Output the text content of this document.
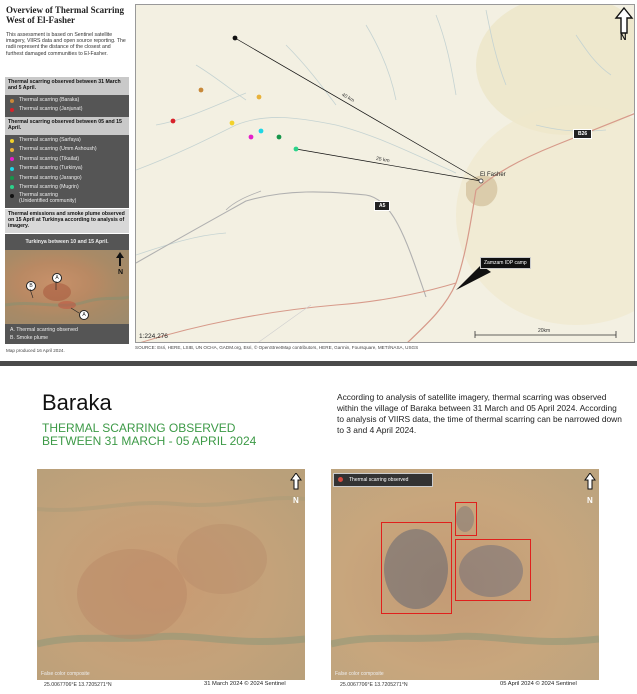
Overview of Thermal Scarring
West of El-Fasher
This assessment is based on Sentinel satellite imagery, VIIRS data and open source reporting. The radii represent the distance of the closest and furthest damaged communities to El-Fasher.
Thermal scarring observed between 31 March and 5 April.
Thermal scarring (Baraka)
Thermal scarring (Janjunat)
Thermal scarring observed between 05 and 15 April.
Thermal scarring (Sarfaya)
Thermal scarring (Umm Ashoush)
Thermal scarring (Tikailat)
Thermal scarring (Turkinya)
Thermal scarring (Jarango)
Thermal scarring (Mugrin)
Thermal scarring
(Unidentified community)
Thermal emissions and smoke plume observed on 15 April at Turkinya according to analysis of imagery.
Turkinya between 10 and 15 April.
N
A
B
A
A. Thermal scarring observed
B. Smoke plume
Map produced 16 April 2024.
N
El Fasher
40 km
25 km
B26
A5
Zamzam IDP camp
1:224,276
20km
SOURCE: Esri, HERE, LSIB, UN OCHA, GADM.org, Esri, © OpenStreetMap contributors, HERE, Garmin, Foursquare, METI/NASA, USGS
Baraka
THERMAL SCARRING OBSERVED
BETWEEN 31 MARCH - 05 APRIL 2024
According to analysis of satellite imagery, thermal scarring was observed within the village of Baraka between 31 March and 05 April 2024. According to analysis of VIIRS data, the time of thermal scarring can be narrowed down to 3 and 4 April 2024.
N
False color composite
25.0067706°E 13.7205271°N	31 March 2024 © 2024 Sentinel
Thermal scarring observed
N
False color composite
25.0067706°E 13.7205271°N	05 April 2024 © 2024 Sentinel
